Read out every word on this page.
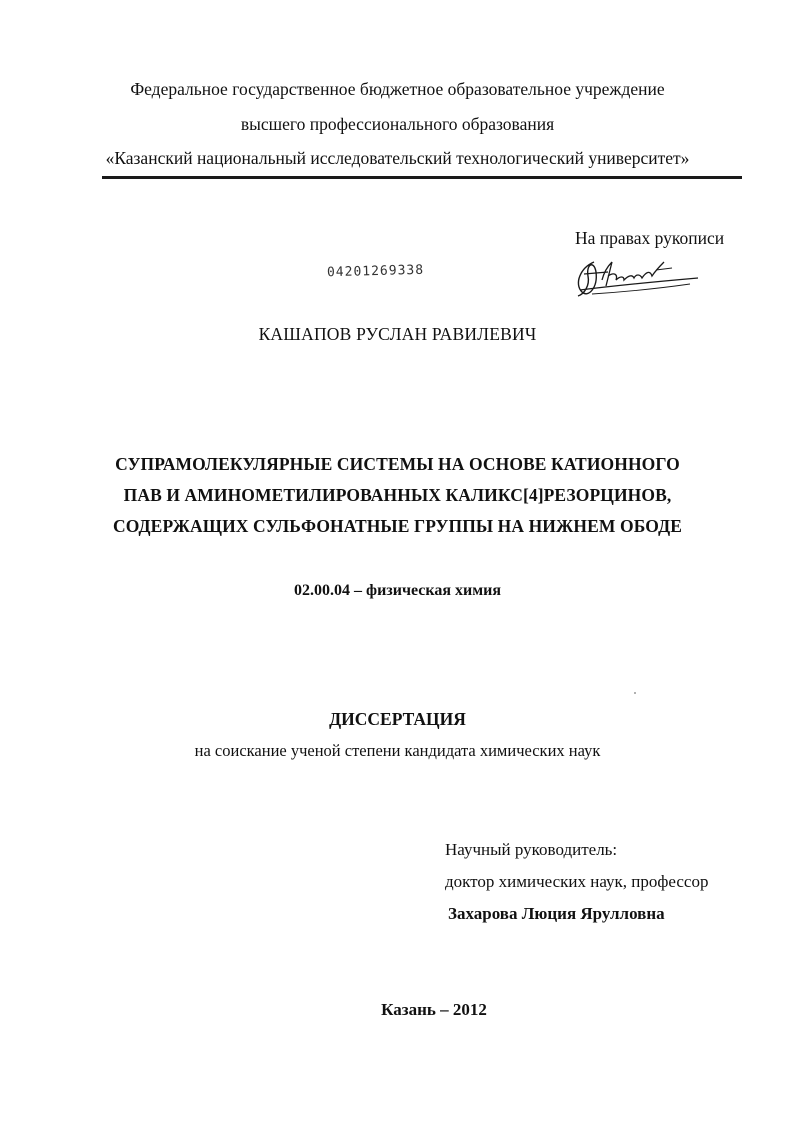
Федеральное государственное бюджетное образовательное учреждение
высшего профессионального образования
«Казанский национальный исследовательский технологический университет»
На правах рукописи
04201269338
КАШАПОВ РУСЛАН РАВИЛЕВИЧ
СУПРАМОЛЕКУЛЯРНЫЕ СИСТЕМЫ НА ОСНОВЕ КАТИОННОГО
ПАВ И АМИНОМЕТИЛИРОВАННЫХ КАЛИКС[4]РЕЗОРЦИНОВ,
СОДЕРЖАЩИХ СУЛЬФОНАТНЫЕ ГРУППЫ НА НИЖНЕМ ОБОДЕ
02.00.04 – физическая химия
ДИССЕРТАЦИЯ
на соискание ученой степени кандидата химических наук
Научный руководитель:
доктор химических наук, профессор
Захарова Люция Ярулловна
Казань – 2012
